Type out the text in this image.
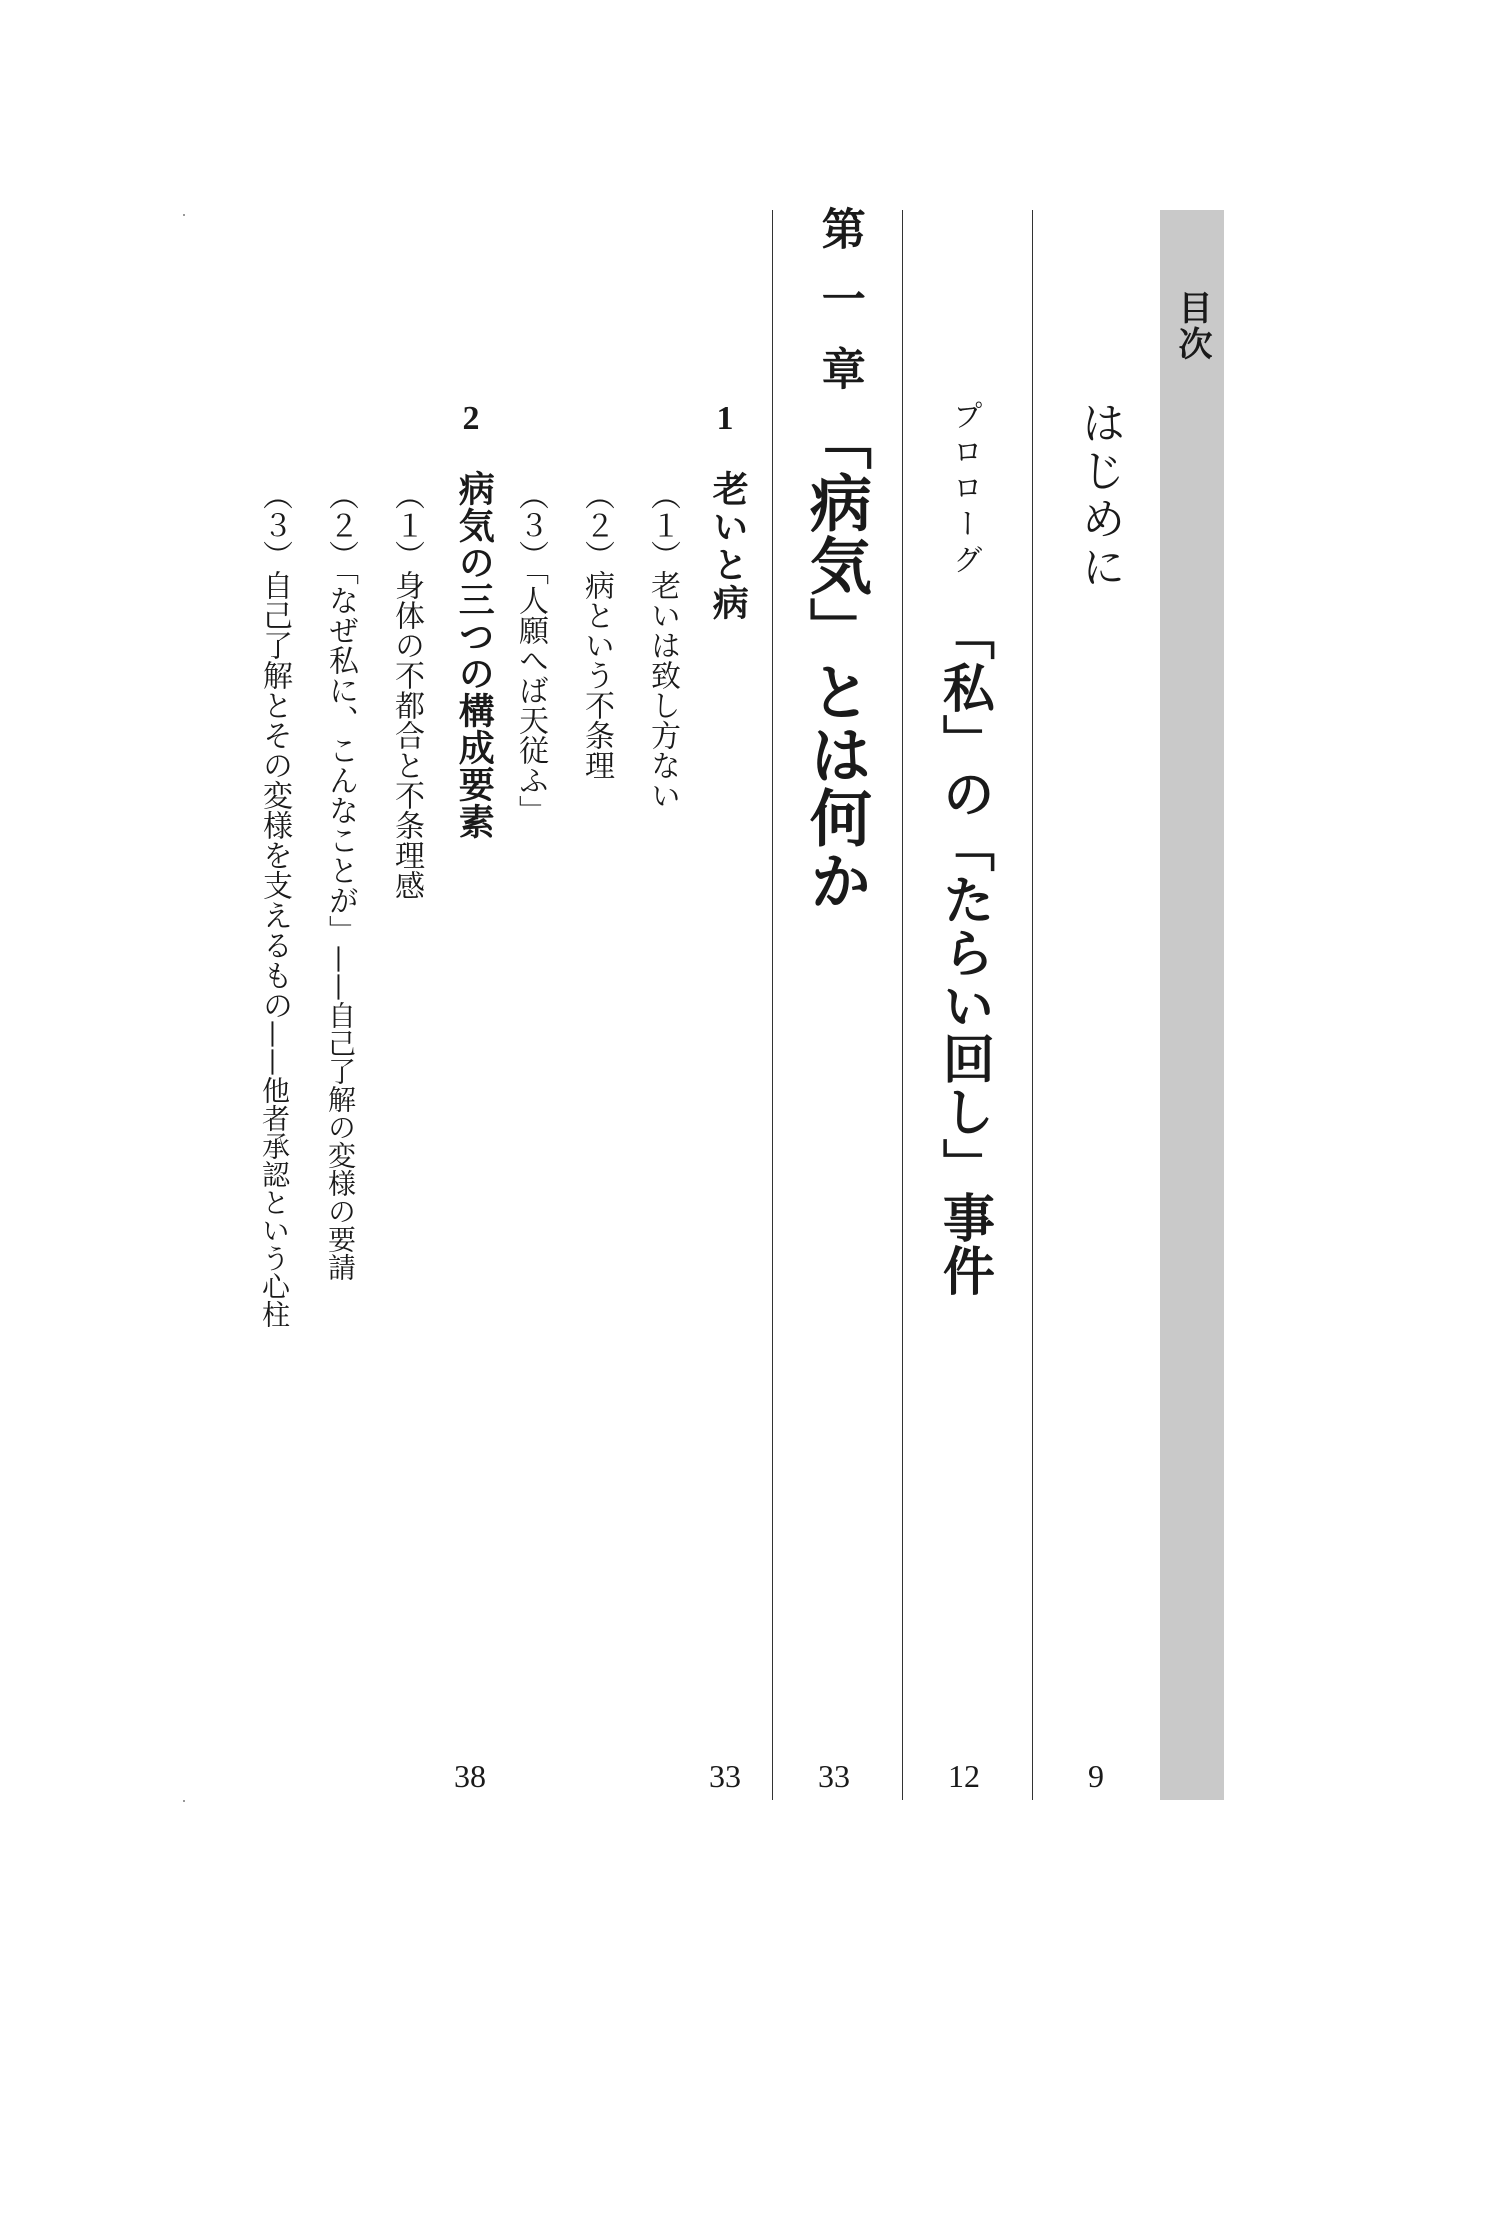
目次
はじめに
9
プロローグ
「私」の「たらい回し」事件
12
第一章
「病気」とは何か
33
1
老いと病
33
（１）老いは致し方ない
（２）病という不条理
（３）「人願へば天従ふ」
2
病気の三つの構成要素
38
（１）身体の不都合と不条理感
（２）「なぜ私に、こんなことが」——自己了解の変様の要請
（３）自己了解とその変様を支えるもの——他者承認という心柱
